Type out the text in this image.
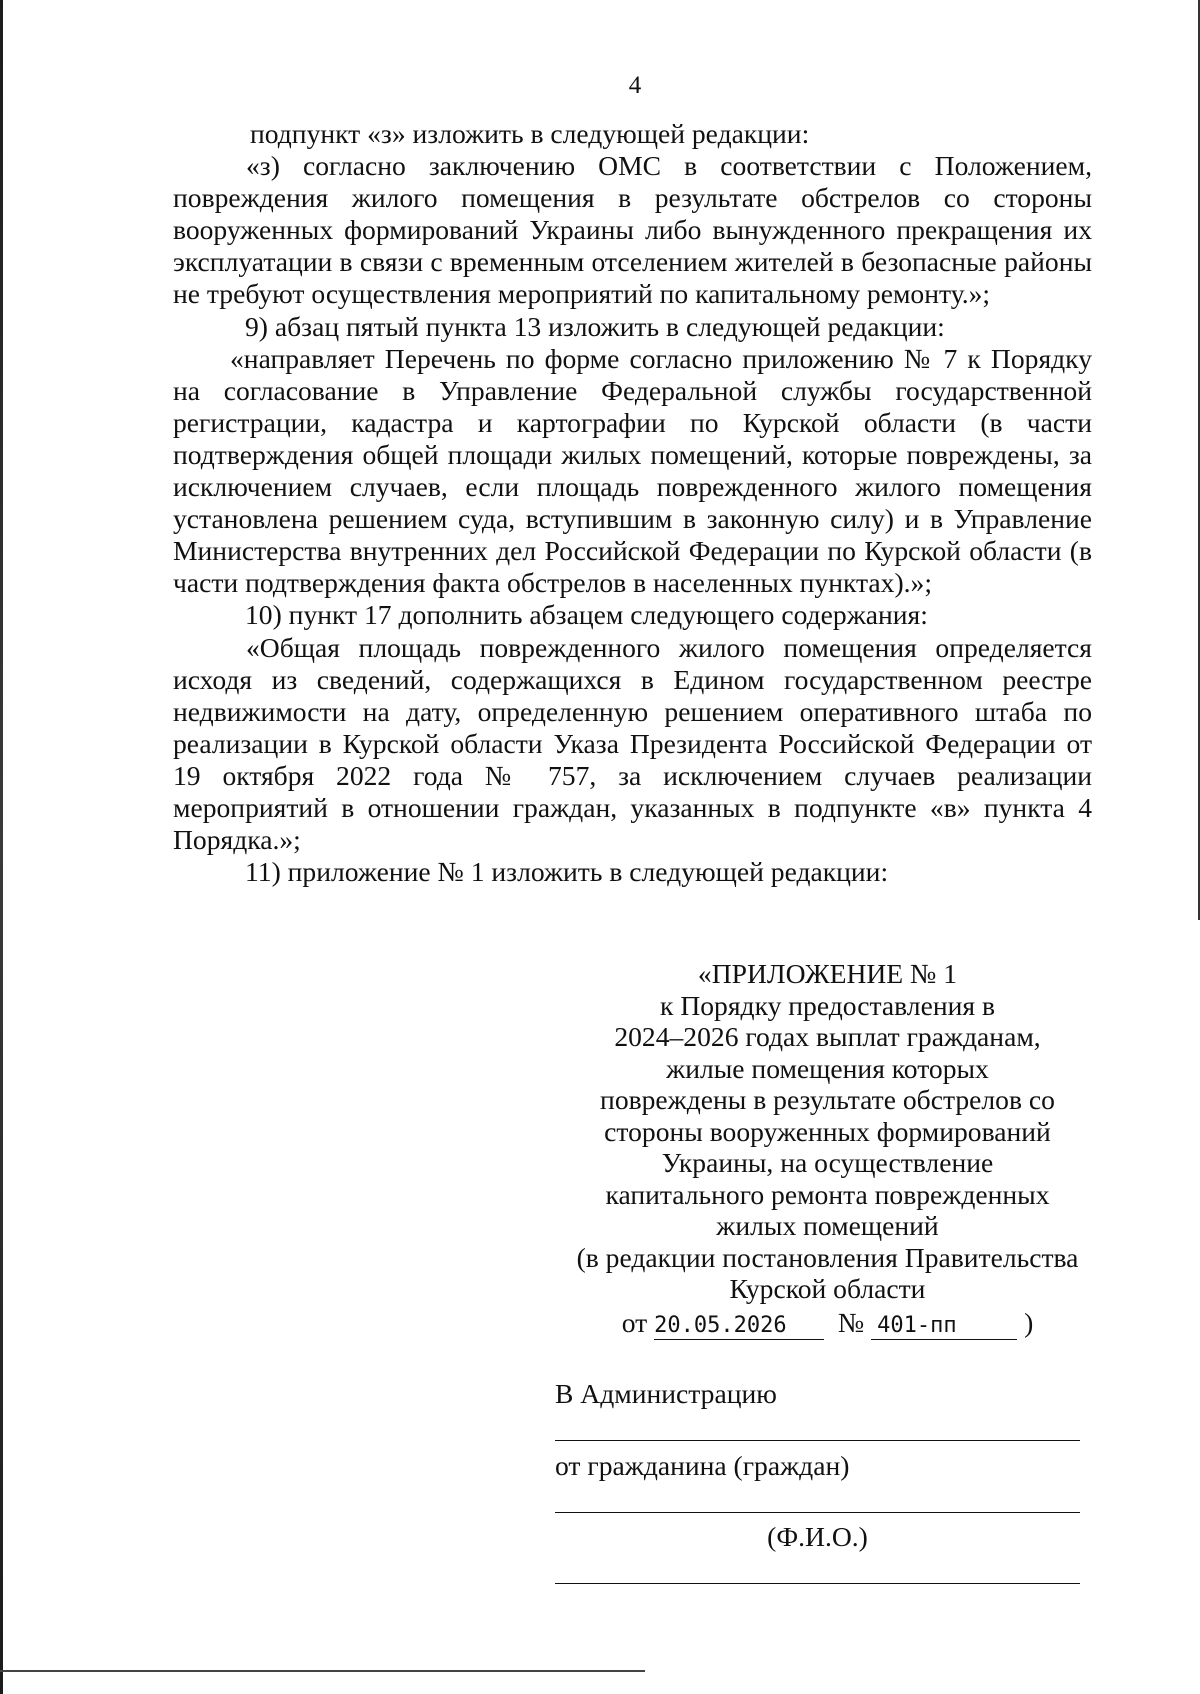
4

подпункт «з» изложить в следующей редакции:

«з) согласно заключению ОМС в соответствии с Положением, повреждения жилого помещения в результате обстрелов со стороны вооруженных формирований Украины либо вынужденного прекращения их эксплуатации в связи с временным отселением жителей в безопасные районы не требуют осуществления мероприятий по капитальному ремонту.»;

9) абзац пятый пункта 13 изложить в следующей редакции:

«направляет Перечень по форме согласно приложению № 7 к Порядку на согласование в Управление Федеральной службы государственной регистрации, кадастра и картографии по Курской области (в части подтверждения общей площади жилых помещений, которые повреждены, за исключением случаев, если площадь поврежденного жилого помещения установлена решением суда, вступившим в законную силу) и в Управление Министерства внутренних дел Российской Федерации по Курской области (в части подтверждения факта обстрелов в населенных пунктах).»;

10) пункт 17 дополнить абзацем следующего содержания:

«Общая площадь поврежденного жилого помещения определяется исходя из сведений, содержащихся в Едином государственном реестре недвижимости на дату, определенную решением оперативного штаба по реализации в Курской области Указа Президента Российской Федерации от 19 октября 2022 года № 757, за исключением случаев реализации мероприятий в отношении граждан, указанных в подпункте «в» пункта 4 Порядка.»;

11) приложение № 1 изложить в следующей редакции:

«ПРИЛОЖЕНИЕ № 1
к Порядку предоставления в
2024–2026 годах выплат гражданам,
жилые помещения которых
повреждены в результате обстрелов со
стороны вооруженных формирований
Украины, на осуществление
капитального ремонта поврежденных
жилых помещений
(в редакции постановления Правительства
Курской области
от 20.05.2026 № 401-пп )
В Администрацию
от гражданина (граждан)
(Ф.И.О.)
